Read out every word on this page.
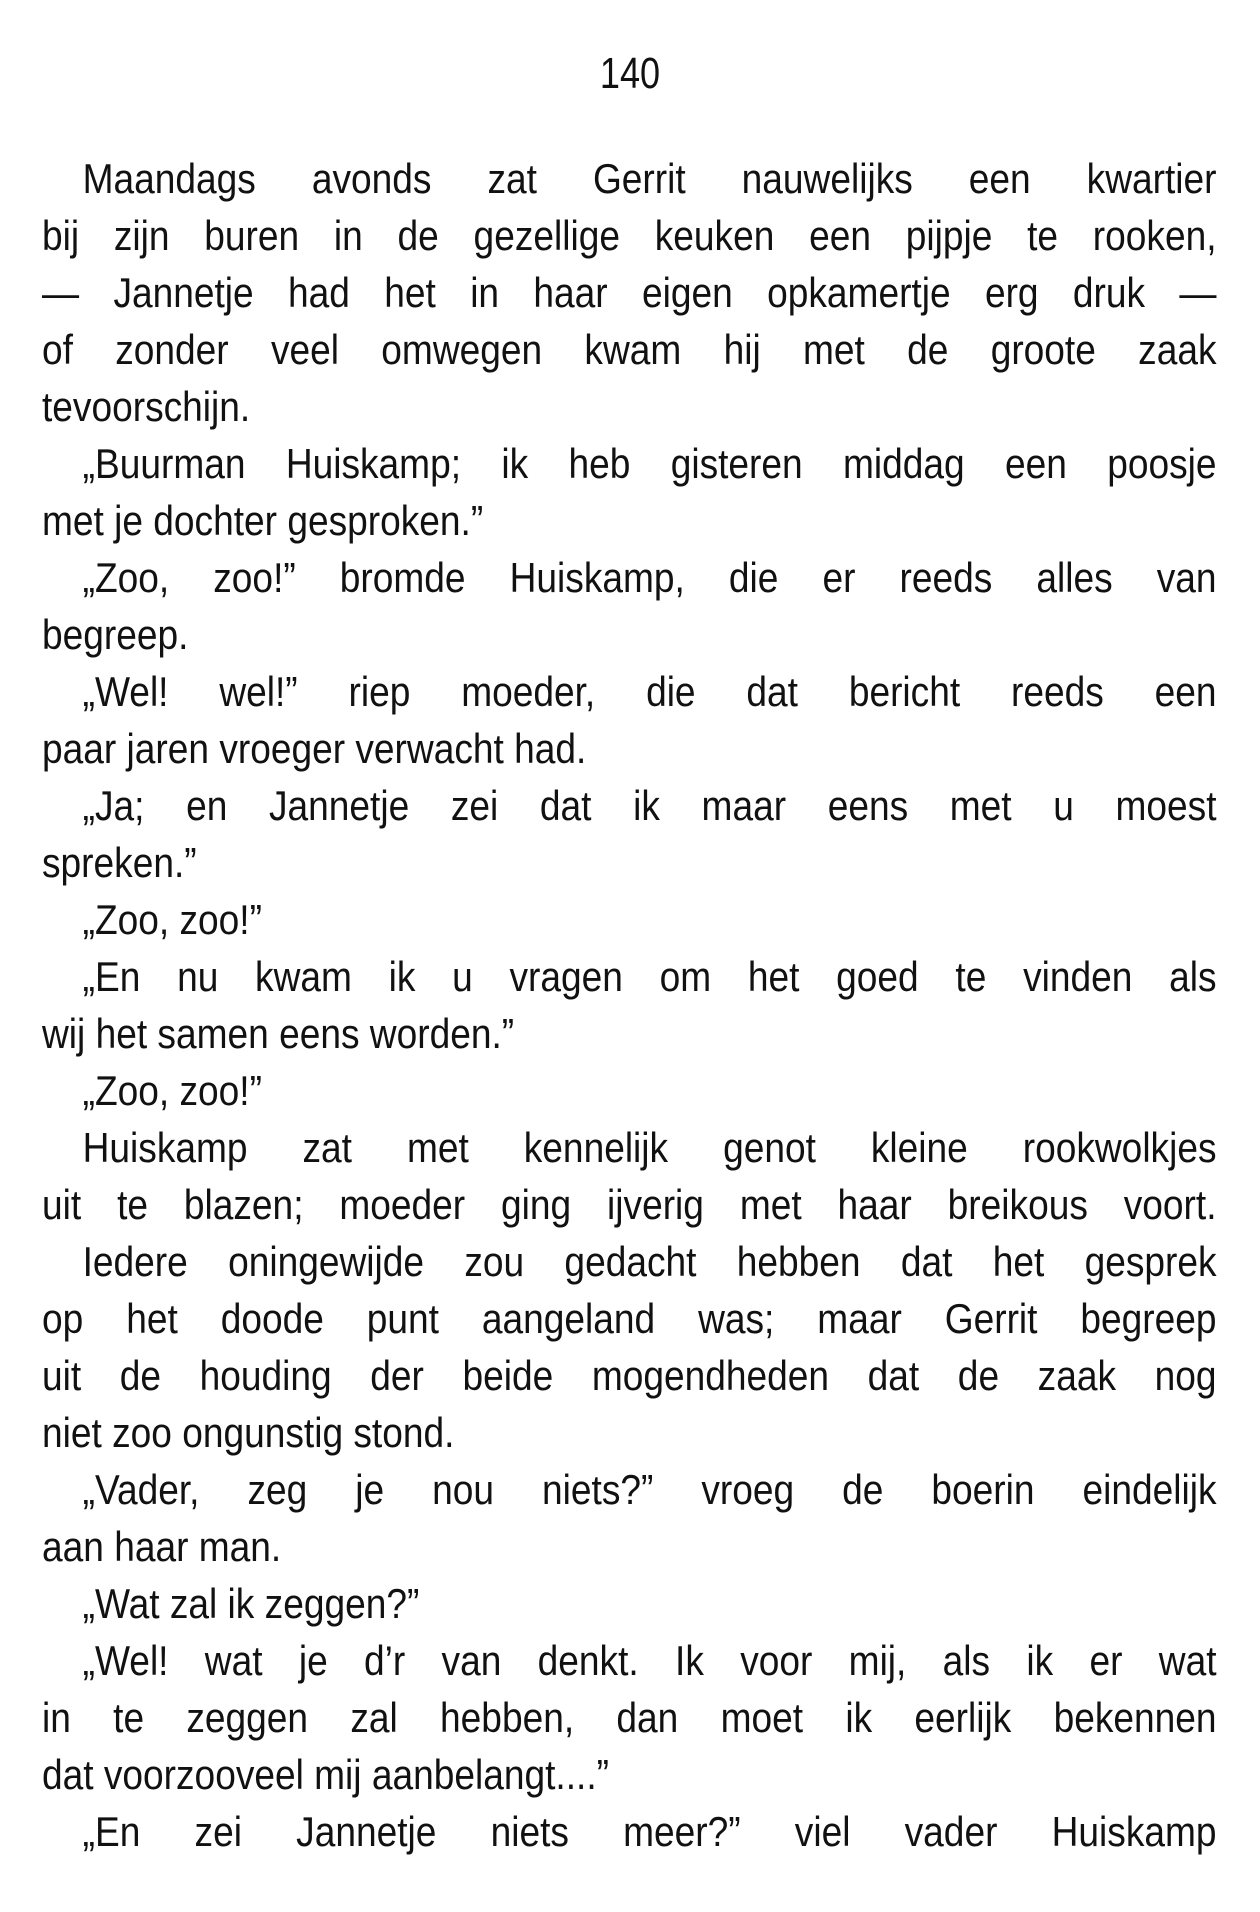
140
Maandags avonds zat Gerrit nauwelijks een kwartier
bij zijn buren in de gezellige keuken een pijpje te rooken,
— Jannetje had het in haar eigen opkamertje erg druk —
of zonder veel omwegen kwam hij met de groote zaak
tevoorschijn.
„Buurman Huiskamp; ik heb gisteren middag een poosje
met je dochter gesproken.”
„Zoo, zoo!” bromde Huiskamp, die er reeds alles van
begreep.
„Wel! wel!” riep moeder, die dat bericht reeds een
paar jaren vroeger verwacht had.
„Ja; en Jannetje zei dat ik maar eens met u moest
spreken.”
„Zoo, zoo!”
„En nu kwam ik u vragen om het goed te vinden als
wij het samen eens worden.”
„Zoo, zoo!”
Huiskamp zat met kennelijk genot kleine rookwolkjes
uit te blazen; moeder ging ijverig met haar breikous voort.
Iedere oningewijde zou gedacht hebben dat het gesprek
op het doode punt aangeland was; maar Gerrit begreep
uit de houding der beide mogendheden dat de zaak nog
niet zoo ongunstig stond.
„Vader, zeg je nou niets?” vroeg de boerin eindelijk
aan haar man.
„Wat zal ik zeggen?”
„Wel! wat je d’r van denkt. Ik voor mij, als ik er wat
in te zeggen zal hebben, dan moet ik eerlijk bekennen
dat voorzooveel mij aanbelangt....”
„En zei Jannetje niets meer?” viel vader Huiskamp
